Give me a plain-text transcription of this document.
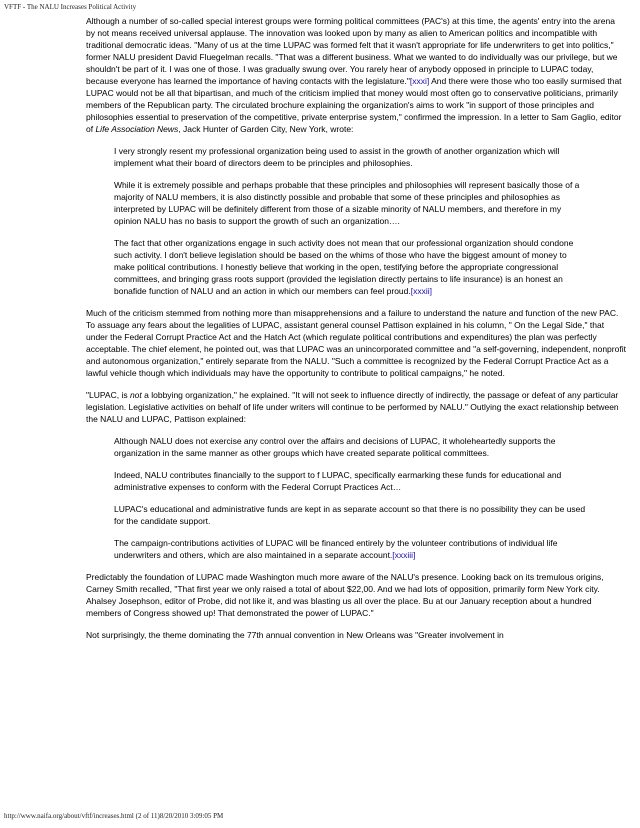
VFTF - The NALU Increases Political Activity

Although a number of so-called special interest groups were forming political committees (PAC's) at this time, the agents' entry into the arena by not means received universal applause. The innovation was looked upon by many as alien to American politics and incompatible with traditional democratic ideas. "Many of us at the time LUPAC was formed felt that it wasn't appropriate for life underwriters to get into politics," former NALU president David Fluegelman recalls. "That was a different business. What we wanted to do individually was our privilege, but we shouldn't be part of it. I was one of those. I was gradually swung over. You rarely hear of anybody opposed in principle to LUPAC today, because everyone has learned the importance of having contacts with the legislature."[xxxi] And there were those who too easily surmised that LUPAC would not be all that bipartisan, and much of the criticism implied that money would most often go to conservative politicians, primarily members of the Republican party. The circulated brochure explaining the organization's aims to work "in support of those principles and philosophies essential to preservation of the competitive, private enterprise system," confirmed the impression. In a letter to Sam Gaglio, editor of Life Association News, Jack Hunter of Garden City, New York, wrote:

I very strongly resent my professional organization being used to assist in the growth of another organization which will implement what their board of directors deem to be principles and philosophies.

While it is extremely possible and perhaps probable that these principles and philosophies will represent basically those of a majority of NALU members, it is also distinctly possible and probable that some of these principles and philosophies as interpreted by LUPAC will be definitely different from those of a sizable minority of NALU members, and therefore in my opinion NALU has no basis to support the growth of such an organization….

The fact that other organizations engage in such activity does not mean that our professional organization should condone such activity. I don't believe legislation should be based on the whims of those who have the biggest amount of money to make political contributions. I honestly believe that working in the open, testifying before the appropriate congressional committees, and bringing grass roots support (provided the legislation directly pertains to life insurance) is an honest an bonafide function of NALU and an action in which our members can feel proud.[xxxii]

Much of the criticism stemmed from nothing more than misapprehensions and a failure to understand the nature and function of the new PAC. To assuage any fears about the legalities of LUPAC, assistant general counsel Pattison explained in his column, " On the Legal Side," that under the Federal Corrupt Practice Act and the Hatch Act (which regulate political contributions and expenditures) the plan was perfectly acceptable. The chief element, he pointed out, was that LUPAC was an unincorporated committee and "a self-governing, independent, nonprofit and autonomous organization," entirely separate from the NALU. "Such a committee is recognized by the Federal Corrupt Practice Act as a lawful vehicle though which individuals may have the opportunity to contribute to political campaigns," he noted.

"LUPAC, is not a lobbying organization," he explained. "It will not seek to influence directly of indirectly, the passage or defeat of any particular legislation. Legislative activities on behalf of life under writers will continue to be performed by NALU." Outlying the exact relationship between the NALU and LUPAC, Pattison explained:

Although NALU does not exercise any control over the affairs and decisions of LUPAC, it wholeheartedly supports the organization in the same manner as other groups which have created separate political committees.

Indeed, NALU contributes financially to the support to f LUPAC, specifically earmarking these funds for educational and administrative expenses to conform with the Federal Corrupt Practices Act…

LUPAC's educational and administrative funds are kept in as separate account so that there is no possibility they can be used for the candidate support.

The campaign-contributions activities of LUPAC will be financed entirely by the volunteer contributions of individual life underwriters and others, which are also maintained in a separate account.[xxxiii]

Predictably the foundation of LUPAC made Washington much more aware of the NALU's presence. Looking back on its tremulous origins, Carney Smith recalled, "That first year we only raised a total of about $22,00. And we had lots of opposition, primarily form New York city. Ahalsey Josephson, editor of Probe, did not like it, and was blasting us all over the place. Bu at our January reception about a hundred members of Congress showed up! That demonstrated the power of LUPAC."

Not surprisingly, the theme dominating the 77th annual convention in New Orleans was "Greater involvement in

http://www.naifa.org/about/vftf/increases.html (2 of 11)8/20/2010 3:09:05 PM
